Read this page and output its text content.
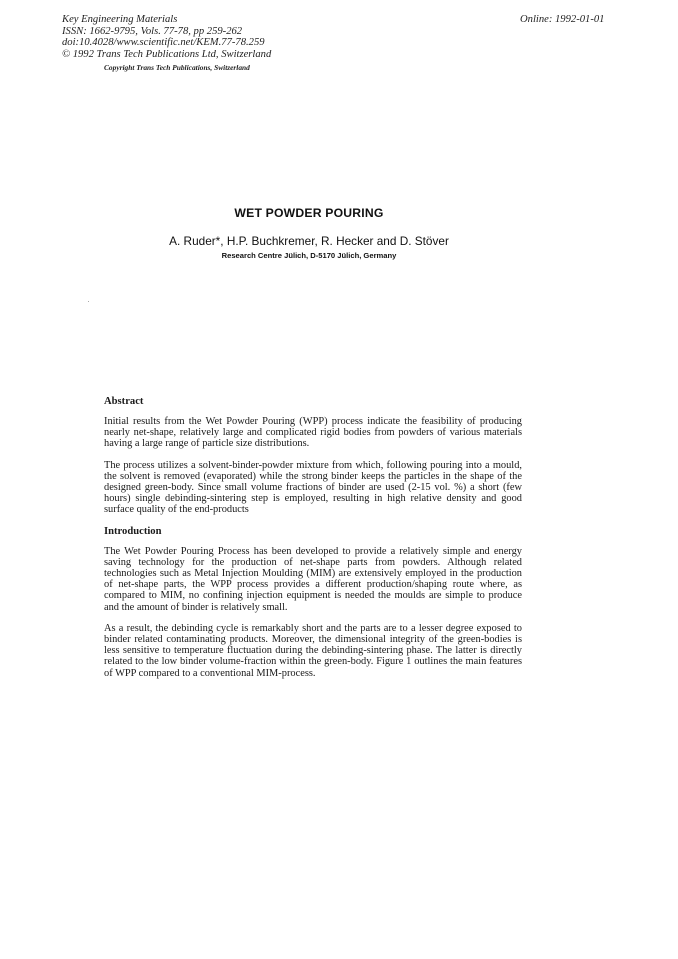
Key Engineering Materials
ISSN: 1662-9795, Vols. 77-78, pp 259-262
doi:10.4028/www.scientific.net/KEM.77-78.259
© 1992 Trans Tech Publications Ltd, Switzerland
Copyright Trans Tech Publications, Switzerland
Online: 1992-01-01
WET POWDER POURING
A. Ruder*, H.P. Buchkremer, R. Hecker and D. Stöver
Research Centre Jülich, D-5170 Jülich, Germany
Abstract

Initial results from the Wet Powder Pouring (WPP) process indicate the feasibility of producing nearly net-shape, relatively large and complicated rigid bodies from powders of various materials having a large range of particle size distributions.

The process utilizes a solvent-binder-powder mixture from which, following pouring into a mould, the solvent is removed (evaporated) while the strong binder keeps the particles in the shape of the designed green-body. Since small volume fractions of binder are used (2-15 vol. %) a short (few hours) single debinding-sintering step is employed, resulting in high relative density and good surface quality of the end-products

Introduction

The Wet Powder Pouring Process has been developed to provide a relatively simple and energy saving technology for the production of net-shape parts from powders. Although related technologies such as Metal Injection Moulding (MIM) are extensively employed in the production of net-shape parts, the WPP process provides a different production/shaping route where, as compared to MIM, no confining injection equipment is needed the moulds are simple to produce and the amount of binder is relatively small.

As a result, the debinding cycle is remarkably short and the parts are to a lesser degree exposed to binder related contaminating products. Moreover, the dimensional integrity of the green-bodies is less sensitive to temperature fluctuation during the debinding-sintering phase. The latter is directly related to the low binder volume-fraction within the green-body. Figure 1 outlines the main features of WPP compared to a conventional MIM-process.
